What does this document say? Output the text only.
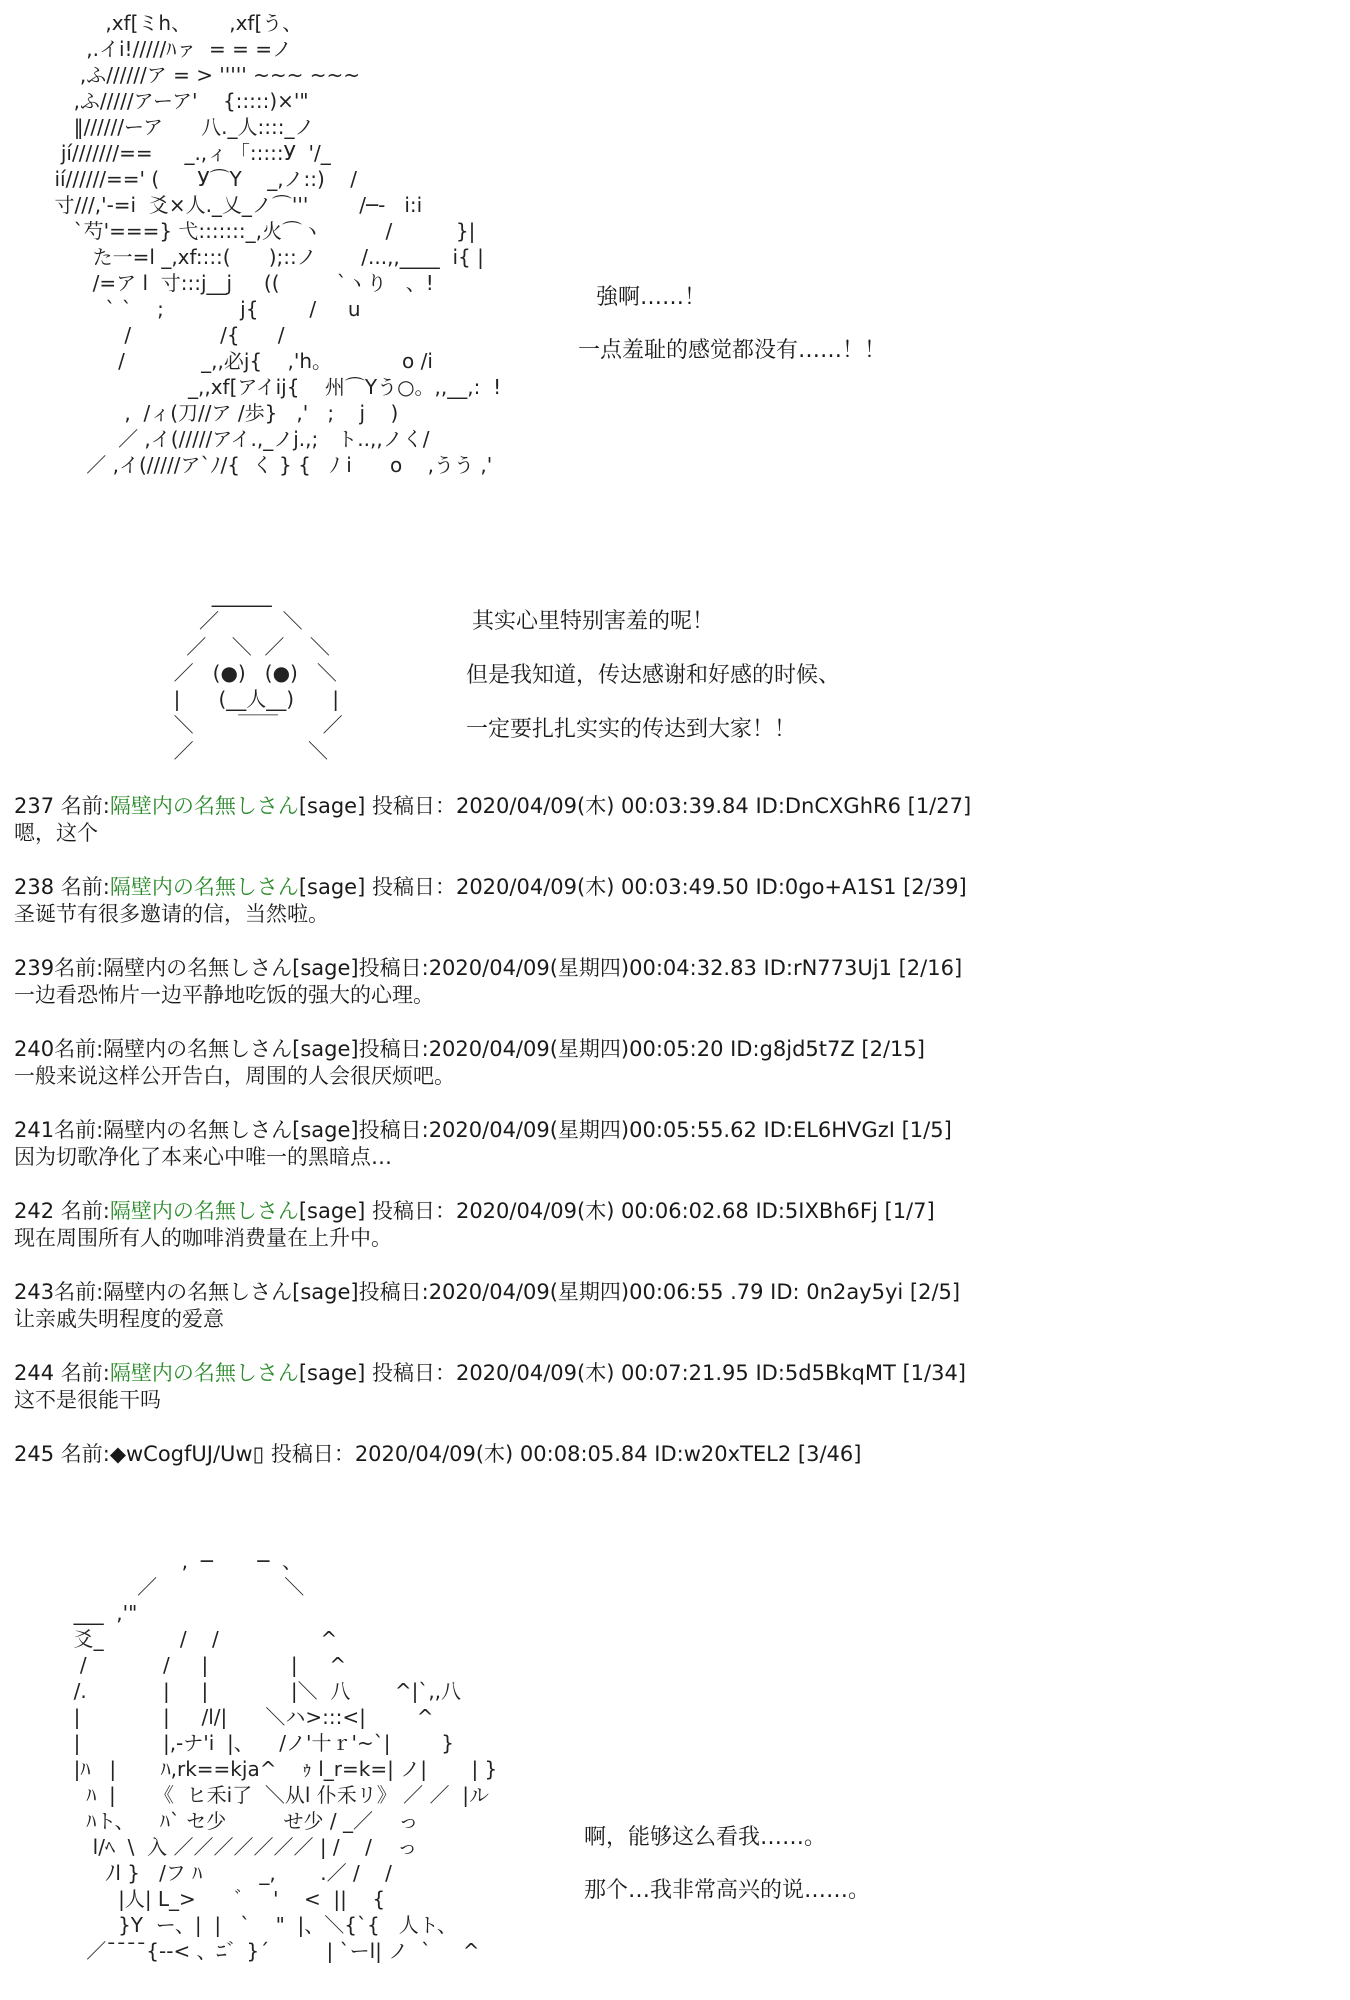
,xf[ミh、      ,xf[う、
,.イi!/////ﾊァ  = = =ノ
,ふ//////ア = > ''''' ~~~ ~~~
,ふ/////アーア'    {:::::)×'"
‖//////ーア      八._人::::_ノ
jí///////==     _.,ィ  ｢:::::У  '/_
ií//////==' (      У⌒Y    _,ノ::)    /
寸///,'-=i  爻×人._乂_ノ⌒'''        /─-   i:i
`芍'===} 弋:::::::_,火⌒ヽ          /          }|
た一=l _,xf::::(      );::ノ       /...,,____  i{ |
/=ア l  寸:::j__j     ((         `ヽり   、!
` `    ;            j{        /     u
/              /{      /
/            _,,必j{    ,'h。           o /i
_,,xf[アイij{    州⌒Yう○。,,__,:  !
,  /ィ(刀//ア /歩}   ,'   ;    j    )
／ ,イ(/////アイ.,_ノj.,;   ト..,,ノく/
／ ,イ(/////ア`ﾉ/{  く } {   ﾉ i      o    ,うう ,'
強啊……！
一点羞耻的感觉都没有……！！
______
／          ＼
／    ＼  ／    ＼
／   (●)   (●)   ＼
|      (__人__)      |
＼       ￣￣       ／
／                  ＼
其实心里特别害羞的呢！
但是我知道，传达感谢和好感的时候、
一定要扎扎实实的传达到大家！！
237 名前:隔壁内の名無しさん[sage] 投稿日：2020/04/09(木) 00:03:39.84 ID:DnCXGhR6 [1/27]
嗯，这个
238 名前:隔壁内の名無しさん[sage] 投稿日：2020/04/09(木) 00:03:49.50 ID:0go+A1S1 [2/39]
圣诞节有很多邀请的信，当然啦。
239名前:隔壁内の名無しさん[sage]投稿日:2020/04/09(星期四)00:04:32.83 ID:rN773Uj1 [2/16]
一边看恐怖片一边平静地吃饭的强大的心理。
240名前:隔壁内の名無しさん[sage]投稿日:2020/04/09(星期四)00:05:20 ID:g8jd5t7Z [2/15]
一般来说这样公开告白，周围的人会很厌烦吧。
241名前:隔壁内の名無しさん[sage]投稿日:2020/04/09(星期四)00:05:55.62 ID:EL6HVGzI [1/5]
因为切歌净化了本来心中唯一的黑暗点…
242 名前:隔壁内の名無しさん[sage] 投稿日：2020/04/09(木) 00:06:02.68 ID:5IXBh6Fj [1/7]
现在周围所有人的咖啡消费量在上升中。
243名前:隔壁内の名無しさん[sage]投稿日:2020/04/09(星期四)00:06:55 .79 ID: 0n2ay5yi [2/5]
让亲戚失明程度的爱意
244 名前:隔壁内の名無しさん[sage] 投稿日：2020/04/09(木) 00:07:21.95 ID:5d5BkqMT [1/34]
这不是很能干吗
245 名前:◆wCogfUJ/Uw▯ 投稿日：2020/04/09(木) 00:08:05.84 ID:w20xTEL2 [3/46]
,  ─       ─  、
／                    ＼
___  ,'"
爻_            /    /                ^
/            /     |             |     ^
/.            |     |             |＼  八       ^|`,,八
|             |     /l/|      ＼ハ>:::<|        ^
|             |,-ナ'i  |、    /ノ'十ｒ'~`|        }
|ﾊ   |       ﾊ,rk==kja^    ｩ l_r=k=| ノ|       | }
ﾊ  |      《  ヒ禾i了  ＼从l 仆禾リ》 ／ ／  |ル
ﾊト、    ﾊ` セ少         せ少 / _／    っ
l/ﾍ  \  入 ／／／／／／／ | /    /    っ
ﾉl }   /フ ﾊ         _,       .／ /    /
|人| L_>      ゛   '    <  ||    {
}Y  ー、|  |   `    "  |、＼{`{   人ト、
／¯¯¯¯{--< 、ﾆ゛}´         | `ーl| ノ  `     ^
啊，能够这么看我……。
那个…我非常高兴的说……。
